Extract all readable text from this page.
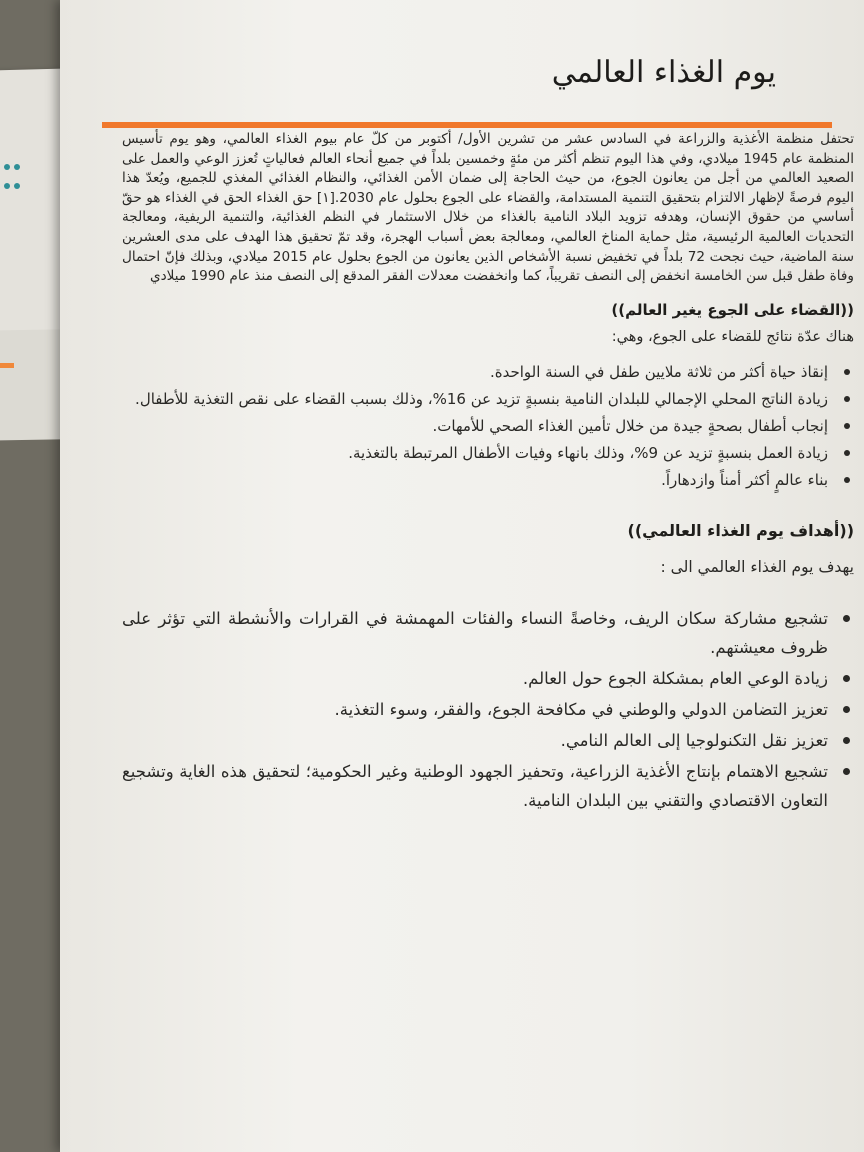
يوم الغذاء العالمي

تحتفل منظمة الأغذية والزراعة في السادس عشر من تشرين الأول/ أكتوبر من كلّ عام بيوم الغذاء العالمي، وهو يوم تأسيس المنظمة عام 1945 ميلادي، وفي هذا اليوم تنظم أكثر من مئةٍ وخمسين بلداً في جميع أنحاء العالم فعالياتٍ تُعزز الوعي والعمل على الصعيد العالمي من أجل من يعانون الجوع، من حيث الحاجة إلى ضمان الأمن الغذائي، والنظام الغذائي المغذي للجميع، ويُعدّ هذا اليوم فرصةً لإظهار الالتزام بتحقيق التنمية المستدامة، والقضاء على الجوع بحلول عام 2030.[١] حق الغذاء الحق في الغذاء هو حقّ أساسي من حقوق الإنسان، وهدفه تزويد البلاد النامية بالغذاء من خلال الاستثمار في النظم الغذائية، والتنمية الريفية، ومعالجة التحديات العالمية الرئيسية، مثل حماية المناخ العالمي، ومعالجة بعض أسباب الهجرة، وقد تمّ تحقيق هذا الهدف على مدى العشرين سنة الماضية، حيث نجحت 72 بلداً في تخفيض نسبة الأشخاص الذين يعانون من الجوع بحلول عام 2015 ميلادي، وبذلك فإنّ احتمال وفاة طفل قبل سن الخامسة انخفض إلى النصف تقريباً، كما وانخفضت معدلات الفقر المدقع إلى النصف منذ عام 1990 ميلادي

((القضاء على الجوع يغير العالم))

هناك عدّة نتائج للقضاء على الجوع، وهي:

إنقاذ حياة أكثر من ثلاثة ملايين طفل في السنة الواحدة.
زيادة الناتج المحلي الإجمالي للبلدان النامية بنسبةٍ تزيد عن 16%، وذلك بسبب القضاء على نقص التغذية للأطفال.
إنجاب أطفال بصحةٍ جيدة من خلال تأمين الغذاء الصحي للأمهات.
زيادة العمل بنسبةٍ تزيد عن 9%، وذلك بانهاء وفيات الأطفال المرتبطة بالتغذية.
بناء عالمٍ أكثر أمناً وازدهاراً.

((أهداف يوم الغذاء العالمي))

يهدف يوم الغذاء العالمي الى :

تشجيع مشاركة سكان الريف، وخاصةً النساء والفئات المهمشة في القرارات والأنشطة التي تؤثر على ظروف معيشتهم.
زيادة الوعي العام بمشكلة الجوع حول العالم.
تعزيز التضامن الدولي والوطني في مكافحة الجوع، والفقر، وسوء التغذية.
تعزيز نقل التكنولوجيا إلى العالم النامي.
تشجيع الاهتمام بإنتاج الأغذية الزراعية، وتحفيز الجهود الوطنية وغير الحكومية؛ لتحقيق هذه الغاية وتشجيع التعاون الاقتصادي والتقني بين البلدان النامية.
